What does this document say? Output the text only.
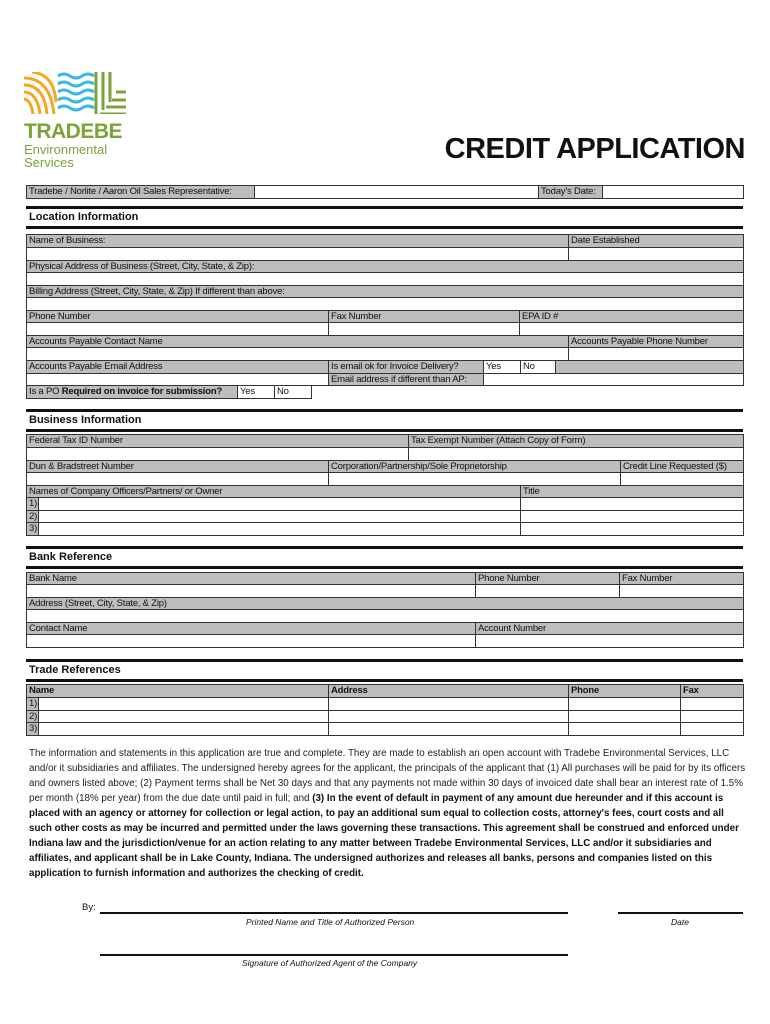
TRADEBE
Environmental
Services	CREDIT APPLICATION
Tradebe / Norlite / Aaron Oil Sales Representative:	Today's Date:
Location Information
Name of Business:	Date Established
Physical Address of Business (Street, City, State, & Zip):
Billing Address (Street, City, State, & Zip) If different than above:
Phone Number	Fax Number	EPA ID #
Accounts Payable Contact Name	Accounts Payable Phone Number
Accounts Payable Email Address	Is email ok for Invoice Delivery?	Yes	No
Email address if different than AP:
Is a PO Required on invoice for submission?	Yes	No
Business Information
Federal Tax ID Number	Tax Exempt Number (Attach Copy of Form)
Dun & Bradstreet Number	Corporation/Partnership/Sole Proprietorship	Credit Line Requested ($)
Names of Company Officers/Partners/ or Owner	Title
1)
2)
3)
Bank Reference
Bank Name	Phone Number	Fax Number
Address (Street, City, State, & Zip)
Contact Name	Account Number
Trade References
Name	Address	Phone	Fax
1)
2)
3)
The information and statements in this application are true and complete. They are made to establish an open account with Tradebe Environmental Services, LLC and/or it subsidiaries and affiliates. The undersigned hereby agrees for the applicant, the principals of the applicant that (1) All purchases will be paid for by its officers and owners listed above; (2) Payment terms shall be Net 30 days and that any payments not made within 30 days of invoiced date shall bear an interest rate of 1.5% per month (18% per year) from the due date until paid in full; and (3) In the event of default in payment of any amount due hereunder and if this account is placed with an agency or attorney for collection or legal action, to pay an additional sum equal to collection costs, attorney's fees, court costs and all such other costs as may be incurred and permitted under the laws governing these transactions. This agreement shall be construed and enforced under Indiana law and the jurisdiction/venue for an action relating to any matter between Tradebe Environmental Services, LLC and/or it subsidiaries and affiliates, and applicant shall be in Lake County, Indiana. The undersigned authorizes and releases all banks, persons and companies listed on this application to furnish information and authorizes the checking of credit.
By:
Printed Name and Title of Authorized Person	Date
Signature of Authorized Agent of the Company
